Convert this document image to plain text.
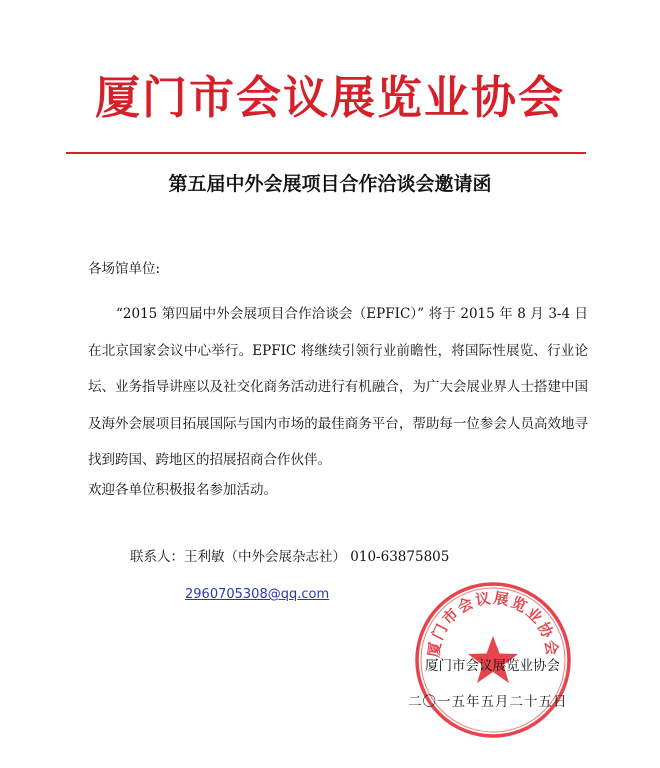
厦门市会议展览业协会
第五届中外会展项目合作洽谈会邀请函
各场馆单位:
“2015 第四届中外会展项目合作洽谈会（EPFIC）” 将于 2015 年 8 月 3-4 日在北京国家会议中心举行。EPFIC 将继续引领行业前瞻性，将国际性展览、行业论坛、业务指导讲座以及社交化商务活动进行有机融合，为广大会展业界人士搭建中国及海外会展项目拓展国际与国内市场的最佳商务平台，帮助每一位参会人员高效地寻找到跨国、跨地区的招展招商合作伙伴。
欢迎各单位积极报名参加活动。
联系人：王利敏（中外会展杂志社） 010-63875805
2960705308@qq.com
厦门市会议展览业协会
厦门市会议展览业协会
二〇一五年五月二十五日
